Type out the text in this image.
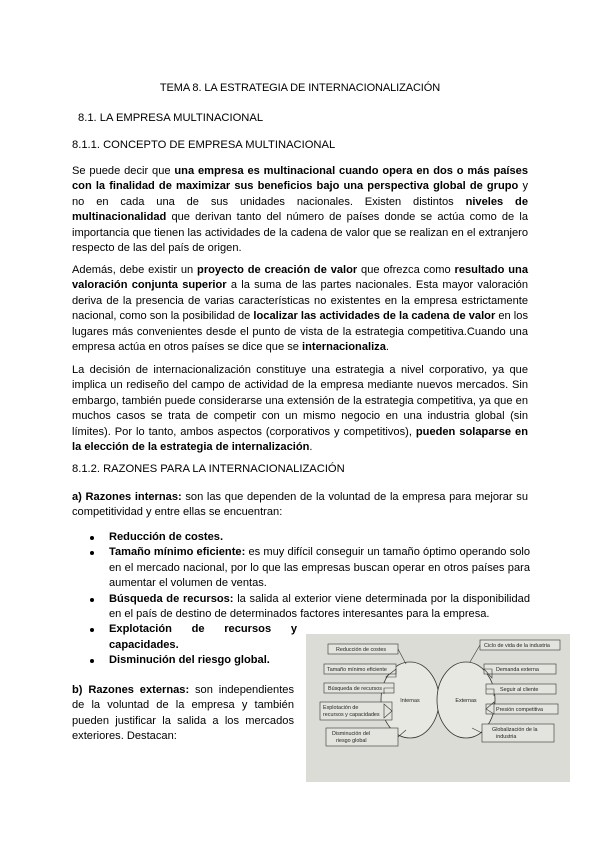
TEMA 8. LA ESTRATEGIA DE INTERNACIONALIZACIÓN
8.1. LA EMPRESA MULTINACIONAL
8.1.1. CONCEPTO DE EMPRESA MULTINACIONAL
Se puede decir que una empresa es multinacional cuando opera en dos o más países con la finalidad de maximizar sus beneficios bajo una perspectiva global de grupo y no en cada una de sus unidades nacionales. Existen distintos niveles de multinacionalidad que derivan tanto del número de países donde se actúa como de la importancia que tienen las actividades de la cadena de valor que se realizan en el extranjero respecto de las del país de origen.
Además, debe existir un proyecto de creación de valor que ofrezca como resultado una valoración conjunta superior a la suma de las partes nacionales. Esta mayor valoración deriva de la presencia de varias características no existentes en la empresa estrictamente nacional, como son la posibilidad de localizar las actividades de la cadena de valor en los lugares más convenientes desde el punto de vista de la estrategia competitiva.Cuando una empresa actúa en otros países se dice que se internacionaliza.
La decisión de internacionalización constituye una estrategia a nivel corporativo, ya que implica un rediseño del campo de actividad de la empresa mediante nuevos mercados. Sin embargo, también puede considerarse una extensión de la estrategia competitiva, ya que en muchos casos se trata de competir con un mismo negocio en una industria global (sin límites). Por lo tanto, ambos aspectos (corporativos y competitivos), pueden solaparse en la elección de la estrategia de internalización.
8.1.2. RAZONES PARA LA INTERNACIONALIZACIÓN
a) Razones internas: son las que dependen de la voluntad de la empresa para mejorar su competitividad y entre ellas se encuentran:
Reducción de costes.
Tamaño mínimo eficiente: es muy difícil conseguir un tamaño óptimo operando solo en el mercado nacional, por lo que las empresas buscan operar en otros países para aumentar el volumen de ventas.
Búsqueda de recursos: la salida al exterior viene determinada por la disponibilidad en el país de destino de determinados factores interesantes para la empresa.
Explotación de recursos y capacidades.
Disminución del riesgo global.
b) Razones externas: son independientes de la voluntad de la empresa y también pueden justificar la salida a los mercados exteriores. Destacan:
Internas	Externas
Reducción de costes
Tamaño mínimo eficiente
Búsqueda de recursos
Explotación de
recursos y capacidades
Disminución del
riesgo global
Ciclo de vida de la industria
Demanda externa
Seguir al cliente
Presión competitiva
Globalización de la
industria
